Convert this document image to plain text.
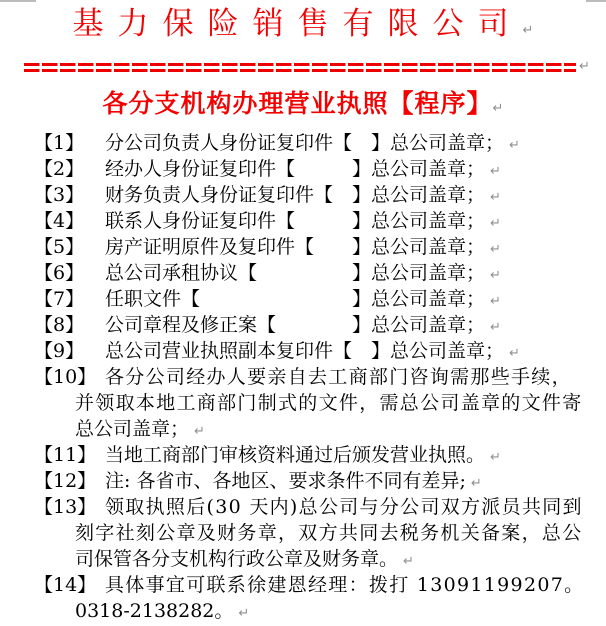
基力保险销售有限公司↵
↵
各分支机构办理营业执照【程序】↵
【1】 分公司负责人身份证复印件【　】总公司盖章； ↵
【2】 经办人身份证复印件【　　　】总公司盖章； ↵
【3】 财务负责人身份证复印件【　】总公司盖章； ↵
【4】 联系人身份证复印件【　　　】总公司盖章； ↵
【5】 房产证明原件及复印件【　　】总公司盖章； ↵
【6】 总公司承租协议【　　　　　】总公司盖章； ↵
【7】 任职文件【　　　　　　　　】总公司盖章； ↵
【8】 公司章程及修正案【　　　　】总公司盖章； ↵
【9】 总公司营业执照副本复印件【　】总公司盖章； ↵
【10】 各分公司经办人要亲自去工商部门咨询需那些手续，
并领取本地工商部门制式的文件，需总公司盖章的文件寄
总公司盖章； ↵
【11】 当地工商部门审核资料通过后颁发营业执照。 ↵
【12】 注: 各省市、各地区、要求条件不同有差异; ↵
【13】 领取执照后(30 天内)总公司与分公司双方派员共同到
刻字社刻公章及财务章，双方共同去税务机关备案，总公
司保管各分支机构行政公章及财务章。 ↵
【14】 具体事宜可联系徐建恩经理：拨打 13091199207。
0318-2138282。 ↵
